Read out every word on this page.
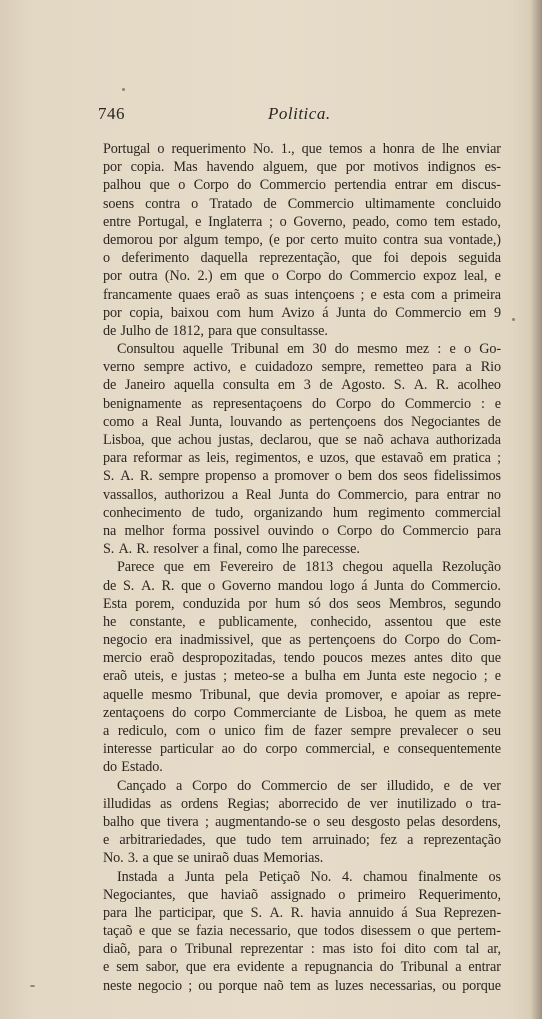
746	Politica.
Portugal o requerimento No. 1., que temos a honra de lhe enviar
por copia. Mas havendo alguem, que por motivos indignos es-
palhou que o Corpo do Commercio pertendia entrar em discus-
soens contra o Tratado de Commercio ultimamente concluido
entre Portugal, e Inglaterra ; o Governo, peado, como tem estado,
demorou por algum tempo, (e por certo muito contra sua vontade,)
o deferimento daquella reprezentação, que foi depois seguida
por outra (No. 2.) em que o Corpo do Commercio expoz leal, e
francamente quaes eraõ as suas intençoens ; e esta com a primeira
por copia, baixou com hum Avizo á Junta do Commercio em 9
de Julho de 1812, para que consultasse.
Consultou aquelle Tribunal em 30 do mesmo mez : e o Go-
verno sempre activo, e cuidadozo sempre, remetteo para a Rio
de Janeiro aquella consulta em 3 de Agosto. S. A. R. acolheo
benignamente as representaçoens do Corpo do Commercio : e
como a Real Junta, louvando as pertençoens dos Negociantes de
Lisboa, que achou justas, declarou, que se naõ achava authorizada
para reformar as leis, regimentos, e uzos, que estavaõ em pratica ;
S. A. R. sempre propenso a promover o bem dos seos fidelissimos
vassallos, authorizou a Real Junta do Commercio, para entrar no
conhecimento de tudo, organizando hum regimento commercial
na melhor forma possivel ouvindo o Corpo do Commercio para
S. A. R. resolver a final, como lhe parecesse.
Parece que em Fevereiro de 1813 chegou aquella Rezolução
de S. A. R. que o Governo mandou logo á Junta do Commercio.
Esta porem, conduzida por hum só dos seos Membros, segundo
he constante, e publicamente, conhecido, assentou que este
negocio era inadmissivel, que as pertençoens do Corpo do Com-
mercio eraõ despropozitadas, tendo poucos mezes antes dito que
eraõ uteis, e justas ; meteo-se a bulha em Junta este negocio ; e
aquelle mesmo Tribunal, que devia promover, e apoiar as repre-
zentaçoens do corpo Commerciante de Lisboa, he quem as mete
a rediculo, com o unico fim de fazer sempre prevalecer o seu
interesse particular ao do corpo commercial, e consequentemente
do Estado.
Cançado a Corpo do Commercio de ser illudido, e de ver
illudidas as ordens Regias; aborrecido de ver inutilizado o tra-
balho que tivera ; augmentando-se o seu desgosto pelas desordens,
e arbitrariedades, que tudo tem arruinado; fez a reprezentação
No. 3. a que se uniraõ duas Memorias.
Instada a Junta pela Petiçaõ No. 4. chamou finalmente os
Negociantes, que haviaõ assignado o primeiro Requerimento,
para lhe participar, que S. A. R. havia annuido á Sua Reprezen-
taçaõ e que se fazia necessario, que todos disessem o que pertem-
diaõ, para o Tribunal reprezentar : mas isto foi dito com tal ar,
e sem sabor, que era evidente a repugnancia do Tribunal a entrar
neste negocio ; ou porque naõ tem as luzes necessarias, ou porque
